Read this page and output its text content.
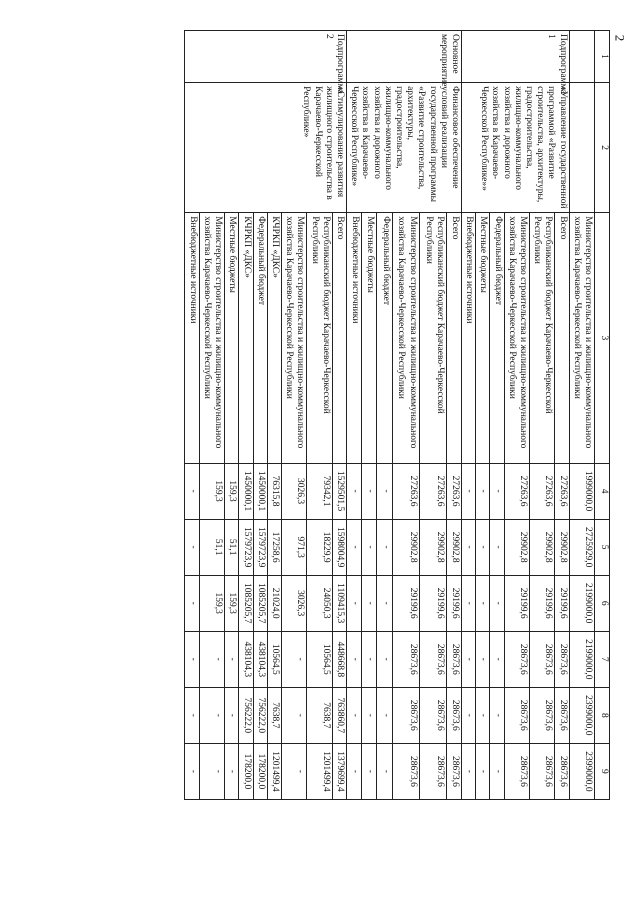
2
1	2	3	4	5	6	7	8	9
		Министерство строительства и жилищно-коммунального хозяйства Карачаево-Черкесской Республики	1999000,0	2725929,0	2199000,0	2199000,0	2399000,0	2399000,0
Подпрограмма 1	«Управление государственной программой «Развитие строительства, архитектуры, градостроительства, жилищно-коммунального хозяйства и дорожного хозяйства в Карачаево-Черкесской Республике»»	Всего	27263,6	29902,8	29199,6	28673,6	28673,6	28673,6
		Республиканский бюджет Карачаево-Черкесской Республики	27263,6	29902,8	29199,6	28673,6	28673,6	28673,6
		Министерство строительства и жилищно-коммунального хозяйства Карачаево-Черкесской Республики	27263,6	29902,8	29199,6	28673,6	28673,6	28673,6
		Федеральный бюджет	-	-	-	-	-	-
		Местные бюджеты	-	-	-	-	-	-
		Внебюджетные источники	-	-	-	-	-	-
Основное мероприятие	Финансовое обеспечение условий реализации государственной программы «Развитие строительства, архитектуры, градостроительства, жилищно-коммунального хозяйства и дорожного хозяйства в Карачаево-Черкесской Республике»	Всего	27263,6	29902,8	29199,6	28673,6	28673,6	28673,6
		Республиканский бюджет Карачаево-Черкесской Республики	27263,6	29902,8	29199,6	28673,6	28673,6	28673,6
		Министерство строительства и жилищно-коммунального хозяйства Карачаево-Черкесской Республики	27263,6	29902,8	29199,6	28673,6	28673,6	28673,6
		Федеральный бюджет	-	-	-	-	-	-
		Местные бюджеты	-	-	-	-	-	-
		Внебюджетные источники	-	-	-	-	-	-
Подпрограмма 2	«Стимулирование развития жилищного строительства в Карачаево-Черкесской Республике»	Всего	1529501,5	1598004,9	1109415,3	448668,8	763860,7	1379699,4
		Республиканский бюджет Карачаево-Черкесской Республики	79342,1	18229,9	24050,3	10564,5	7638,7	1201499,4
		Министерство строительства и жилищно-коммунального хозяйства Карачаево-Черкесской Республики	3026,3	971,3	3026,3	-	-	-
		КЧРКП «ДКС»	76315,8	17258,6	21024,0	10564,5	7638,7	1201499,4
		Федеральный бюджет	1450000,1	1579723,9	1085205,7	438104,3	756222,0	178200,0
		КЧРКП «ДКС»	1450000,1	1579723,9	1085205,7	438104,3	756222,0	178200,0
		Местные бюджеты	159,3	51,1	159,3	-	-	-
		Министерство строительства и жилищно-коммунального хозяйства Карачаево-Черкесской Республики	159,3	51,1	159,3	-	-	-
		Внебюджетные источники	-	-	-	-	-	-
